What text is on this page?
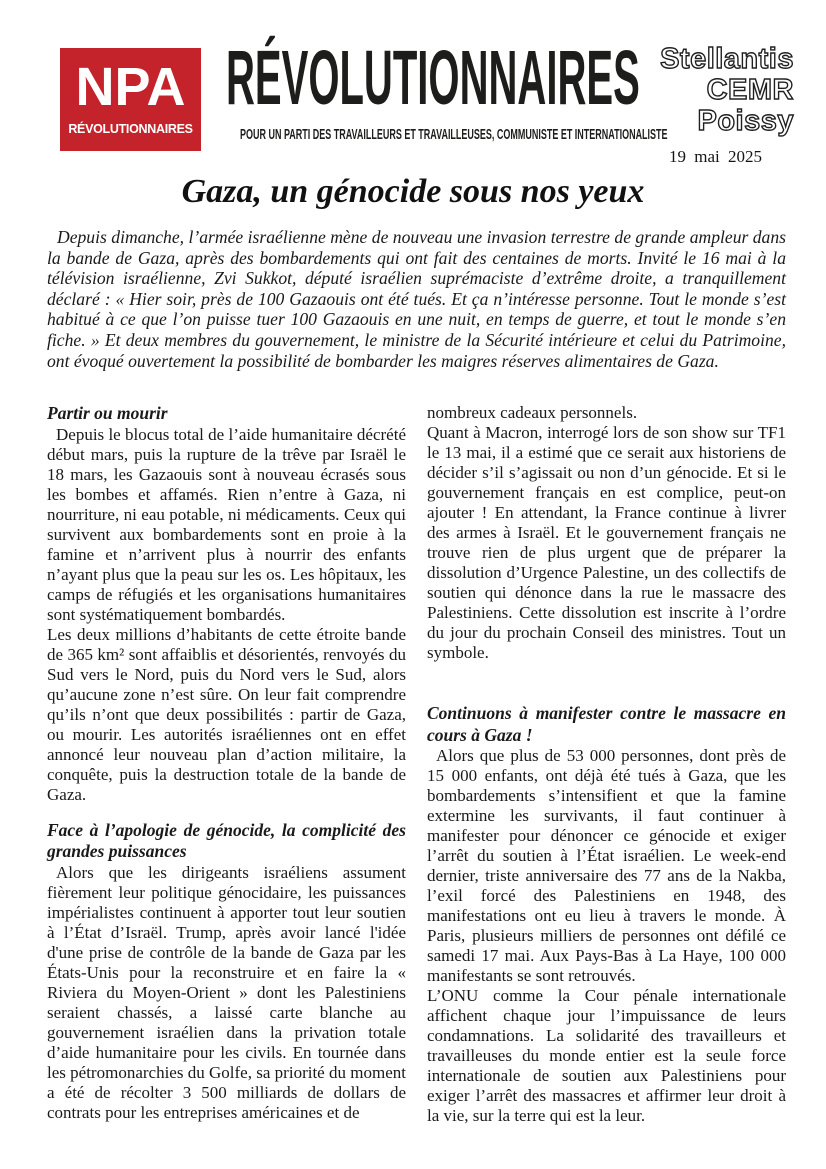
NPA
RÉVOLUTIONNAIRES
RÉVOLUTIONNAIRES
POUR UN PARTI DES TRAVAILLEURS ET TRAVAILLEUSES, COMMUNISTE ET INTERNATIONALISTE
Stellantis
CEMR
Poissy
19 mai 2025
Gaza, un génocide sous nos yeux
Depuis dimanche, l’armée israélienne mène de nouveau une invasion terrestre de grande ampleur dans la bande de Gaza, après des bombardements qui ont fait des centaines de morts. Invité le 16 mai à la télévision israélienne, Zvi Sukkot, député israélien suprémaciste d’extrême droite, a tranquillement déclaré : « Hier soir, près de 100 Gazaouis ont été tués. Et ça n’intéresse personne. Tout le monde s’est habitué à ce que l’on puisse tuer 100 Gazaouis en une nuit, en temps de guerre, et tout le monde s’en fiche. » Et deux membres du gouvernement, le ministre de la Sécurité intérieure et celui du Patrimoine, ont évoqué ouvertement la possibilité de bombarder les maigres réserves alimentaires de Gaza.
Partir ou mourir

Depuis le blocus total de l’aide humanitaire décrété début mars, puis la rupture de la trêve par Israël le 18 mars, les Gazaouis sont à nouveau écrasés sous les bombes et affamés. Rien n’entre à Gaza, ni nourriture, ni eau potable, ni médicaments. Ceux qui survivent aux bombardements sont en proie à la famine et n’arrivent plus à nourrir des enfants n’ayant plus que la peau sur les os. Les hôpitaux, les camps de réfugiés et les organisations humanitaires sont systématiquement bombardés.

Les deux millions d’habitants de cette étroite bande de 365 km² sont affaiblis et désorientés, renvoyés du Sud vers le Nord, puis du Nord vers le Sud, alors qu’aucune zone n’est sûre. On leur fait comprendre qu’ils n’ont que deux possibilités : partir de Gaza, ou mourir. Les autorités israéliennes ont en effet annoncé leur nouveau plan d’action militaire, la conquête, puis la destruction totale de la bande de Gaza.

Face à l’apologie de génocide, la complicité des grandes puissances

Alors que les dirigeants israéliens assument fièrement leur politique génocidaire, les puissances impérialistes continuent à apporter tout leur soutien à l’État d’Israël. Trump, après avoir lancé l'idée d'une prise de contrôle de la bande de Gaza par les États-Unis pour la reconstruire et en faire la « Riviera du Moyen-Orient » dont les Palestiniens seraient chassés, a laissé carte blanche au gouvernement israélien dans la privation totale d’aide humanitaire pour les civils. En tournée dans les pétromonarchies du Golfe, sa priorité du moment a été de récolter 3 500 milliards de dollars de contrats pour les entreprises américaines et de

nombreux cadeaux personnels.

Quant à Macron, interrogé lors de son show sur TF1 le 13 mai, il a estimé que ce serait aux historiens de décider s’il s’agissait ou non d’un génocide. Et si le gouvernement français en est complice, peut-on ajouter ! En attendant, la France continue à livrer des armes à Israël. Et le gouvernement français ne trouve rien de plus urgent que de préparer la dissolution d’Urgence Palestine, un des collectifs de soutien qui dénonce dans la rue le massacre des Palestiniens. Cette dissolution est inscrite à l’ordre du jour du prochain Conseil des ministres. Tout un symbole.

Continuons à manifester contre le massacre en cours à Gaza !

Alors que plus de 53 000 personnes, dont près de 15 000 enfants, ont déjà été tués à Gaza, que les bombardements s’intensifient et que la famine extermine les survivants, il faut continuer à manifester pour dénoncer ce génocide et exiger l’arrêt du soutien à l’État israélien. Le week-end dernier, triste anniversaire des 77 ans de la Nakba, l’exil forcé des Palestiniens en 1948, des manifestations ont eu lieu à travers le monde. À Paris, plusieurs milliers de personnes ont défilé ce samedi 17 mai. Aux Pays-Bas à La Haye, 100 000 manifestants se sont retrouvés.

L’ONU comme la Cour pénale internationale affichent chaque jour l’impuissance de leurs condamnations. La solidarité des travailleurs et travailleuses du monde entier est la seule force internationale de soutien aux Palestiniens pour exiger l’arrêt des massacres et affirmer leur droit à la vie, sur la terre qui est la leur.
